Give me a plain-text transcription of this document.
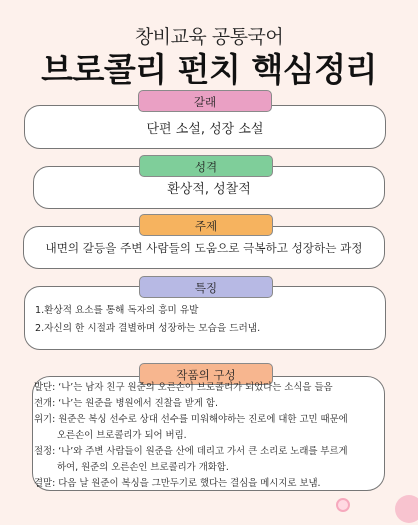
창비교육 공통국어
브로콜리 펀치 핵심정리
갈래
단편 소설, 성장 소설
성격
환상적, 성찰적
주제
내면의 갈등을 주변 사람들의 도움으로 극복하고 성장하는 과정
특징
1.환상적 요소를 통해 독자의 흥미 유발
2.자신의 한 시절과 결별하며 성장하는 모습을 드러냄.
작품의 구성
발단: ‘나’는 남자 친구 원준의 오른손이 브로콜리가 되었다는 소식을 들음
전개: ‘나’는 원준을 병원에서 진찰을 받게 함.
위기: 원준은 복싱 선수로 상대 선수를 미워해야하는 진로에 대한 고민 때문에
오른손이 브로콜리가 되어 버림.
절정: ‘나’와 주변 사람들이 원준을 산에 데리고 가서 큰 소리로 노래를 부르게
하여, 원준의 오른손인 브로콜리가 개화함.
결말: 다음 날 원준이 복싱을 그만두기로 했다는 결심을 메시지로 보냄.
